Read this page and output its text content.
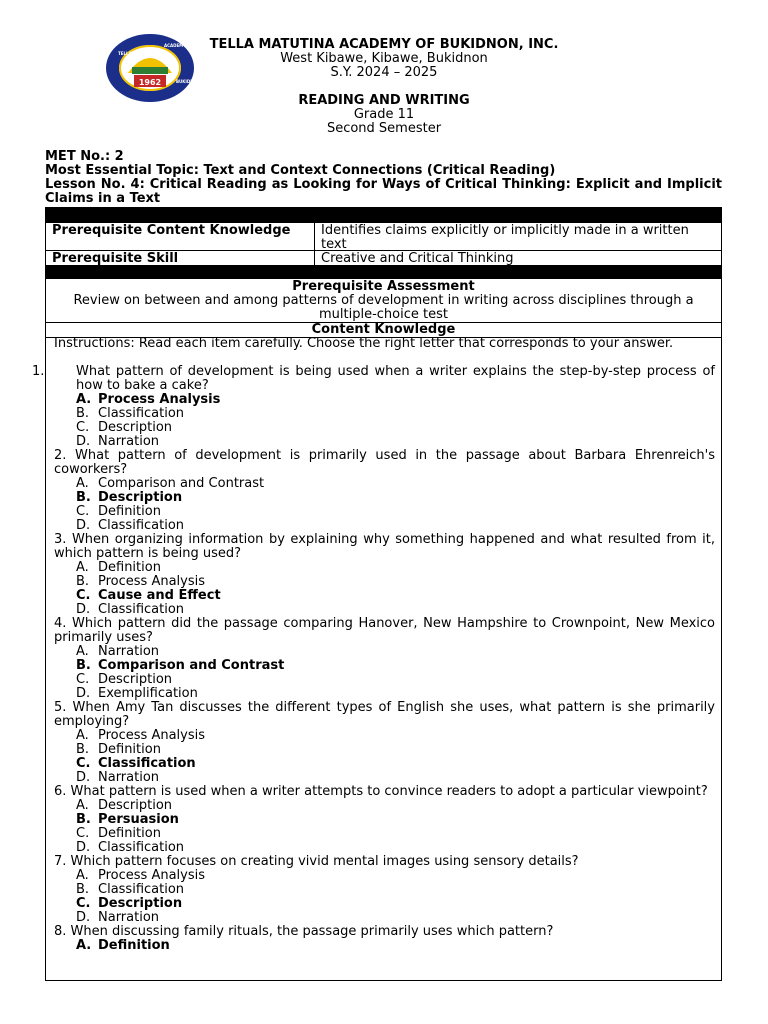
1962
TELLA
ACADEMY
BUKIDNON
TELLA MATUTINA ACADEMY OF BUKIDNON, INC.
West Kibawe, Kibawe, Bukidnon
S.Y. 2024 – 2025
READING AND WRITING
Grade 11
Second Semester
MET No.: 2
Most Essential Topic: Text and Context Connections (Critical Reading)
Lesson No. 4: Critical Reading as Looking for Ways of Critical Thinking: Explicit and Implicit Claims in a Text
Prerequisite Content Knowledge	Identifies claims explicitly or implicitly made in a written text
Prerequisite Skill	Creative and Critical Thinking
Prerequisite Assessment
Review on between and among patterns of development in writing across disciplines through a multiple-choice test
Content Knowledge

Instructions: Read each item carefully. Choose the right letter that corresponds to your answer.

1. What pattern of development is being used when a writer explains the step-by-step process of how to bake a cake?

A. Process Analysis
B. Classification
C. Description
D. Narration

2. What pattern of development is primarily used in the passage about Barbara Ehrenreich's coworkers?

A. Comparison and Contrast
B. Description
C. Definition
D. Classification

3. When organizing information by explaining why something happened and what resulted from it, which pattern is being used?

A. Definition
B. Process Analysis
C. Cause and Effect
D. Classification

4. Which pattern did the passage comparing Hanover, New Hampshire to Crownpoint, New Mexico primarily uses?

A. Narration
B. Comparison and Contrast
C. Description
D. Exemplification

5. When Amy Tan discusses the different types of English she uses, what pattern is she primarily employing?

A. Process Analysis
B. Definition
C. Classification
D. Narration

6. What pattern is used when a writer attempts to convince readers to adopt a particular viewpoint?

A. Description
B. Persuasion
C. Definition
D. Classification

7. Which pattern focuses on creating vivid mental images using sensory details?

A. Process Analysis
B. Classification
C. Description
D. Narration

8. When discussing family rituals, the passage primarily uses which pattern?

A. Definition
